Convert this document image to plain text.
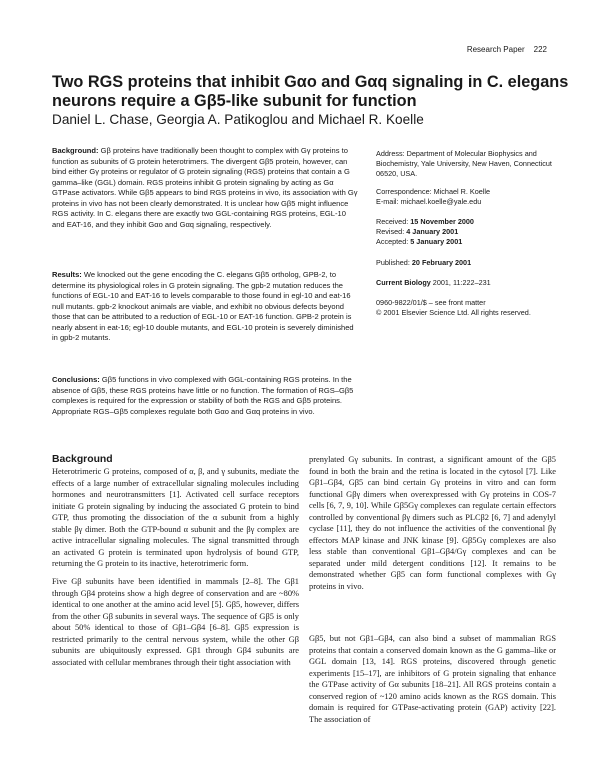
Research Paper 222
Two RGS proteins that inhibit Gαo and Gαq signaling in C. elegans neurons require a Gβ5-like subunit for function
Daniel L. Chase, Georgia A. Patikoglou and Michael R. Koelle

Background: Gβ proteins have traditionally been thought to complex with Gγ proteins to function as subunits of G protein heterotrimers. The divergent Gβ5 protein, however, can bind either Gγ proteins or regulator of G protein signaling (RGS) proteins that contain a G gamma–like (GGL) domain. RGS proteins inhibit G protein signaling by acting as Gα GTPase activators. While Gβ5 appears to bind RGS proteins in vivo, its association with Gγ proteins in vivo has not been clearly demonstrated. It is unclear how Gβ5 might influence RGS activity. In C. elegans there are exactly two GGL-containing RGS proteins, EGL-10 and EAT-16, and they inhibit Gαo and Gαq signaling, respectively.

Results: We knocked out the gene encoding the C. elegans Gβ5 ortholog, GPB-2, to determine its physiological roles in G protein signaling. The gpb-2 mutation reduces the functions of EGL-10 and EAT-16 to levels comparable to those found in egl-10 and eat-16 null mutants. gpb-2 knockout animals are viable, and exhibit no obvious defects beyond those that can be attributed to a reduction of EGL-10 or EAT-16 function. GPB-2 protein is nearly absent in eat-16; egl-10 double mutants, and EGL-10 protein is severely diminished in gpb-2 mutants.

Conclusions: Gβ5 functions in vivo complexed with GGL-containing RGS proteins. In the absence of Gβ5, these RGS proteins have little or no function. The formation of RGS–Gβ5 complexes is required for the expression or stability of both the RGS and Gβ5 proteins. Appropriate RGS–Gβ5 complexes regulate both Gαo and Gαq proteins in vivo.

Address: Department of Molecular Biophysics and Biochemistry, Yale University, New Haven, Connecticut 06520, USA.
Correspondence: Michael R. Koelle
E-mail: michael.koelle@yale.edu
Received: 15 November 2000
Revised: 4 January 2001
Accepted: 5 January 2001
Published: 20 February 2001
Current Biology 2001, 11:222–231
0960-9822/01/$ – see front matter
© 2001 Elsevier Science Ltd. All rights reserved.
Background

Heterotrimeric G proteins, composed of α, β, and γ subunits, mediate the effects of a large number of extracellular signaling molecules including hormones and neurotransmitters [1]. Activated cell surface receptors initiate G protein signaling by inducing the associated G protein to bind GTP, thus promoting the dissociation of the α subunit from a highly stable βγ dimer. Both the GTP-bound α subunit and the βγ complex are active intracellular signaling molecules. The signal transmitted through an activated G protein is terminated upon hydrolysis of bound GTP, returning the G protein to its inactive, heterotrimeric form.

Five Gβ subunits have been identified in mammals [2–8]. The Gβ1 through Gβ4 proteins show a high degree of conservation and are ~80% identical to one another at the amino acid level [5]. Gβ5, however, differs from the other Gβ subunits in several ways. The sequence of Gβ5 is only about 50% identical to those of Gβ1–Gβ4 [6–8]. Gβ5 expression is restricted primarily to the central nervous system, while the other Gβ subunits are ubiquitously expressed. Gβ1 through Gβ4 subunits are associated with cellular membranes through their tight association with

prenylated Gγ subunits. In contrast, a significant amount of the Gβ5 found in both the brain and the retina is located in the cytosol [7]. Like Gβ1–Gβ4, Gβ5 can bind certain Gγ proteins in vitro and can form functional Gβγ dimers when overexpressed with Gγ proteins in COS-7 cells [6, 7, 9, 10]. While Gβ5Gγ complexes can regulate certain effectors controlled by conventional βγ dimers such as PLCβ2 [6, 7] and adenylyl cyclase [11], they do not influence the activities of the conventional βγ effectors MAP kinase and JNK kinase [9]. Gβ5Gγ complexes are also less stable than conventional Gβ1–Gβ4/Gγ complexes and can be separated under mild detergent conditions [12]. It remains to be demonstrated whether Gβ5 can form functional complexes with Gγ proteins in vivo.

Gβ5, but not Gβ1–Gβ4, can also bind a subset of mammalian RGS proteins that contain a conserved domain known as the G gamma–like or GGL domain [13, 14]. RGS proteins, discovered through genetic experiments [15–17], are inhibitors of G protein signaling that enhance the GTPase activity of Gα subunits [18–21]. All RGS proteins contain a conserved region of ~120 amino acids known as the RGS domain. This domain is required for GTPase-activating protein (GAP) activity [22]. The association of
